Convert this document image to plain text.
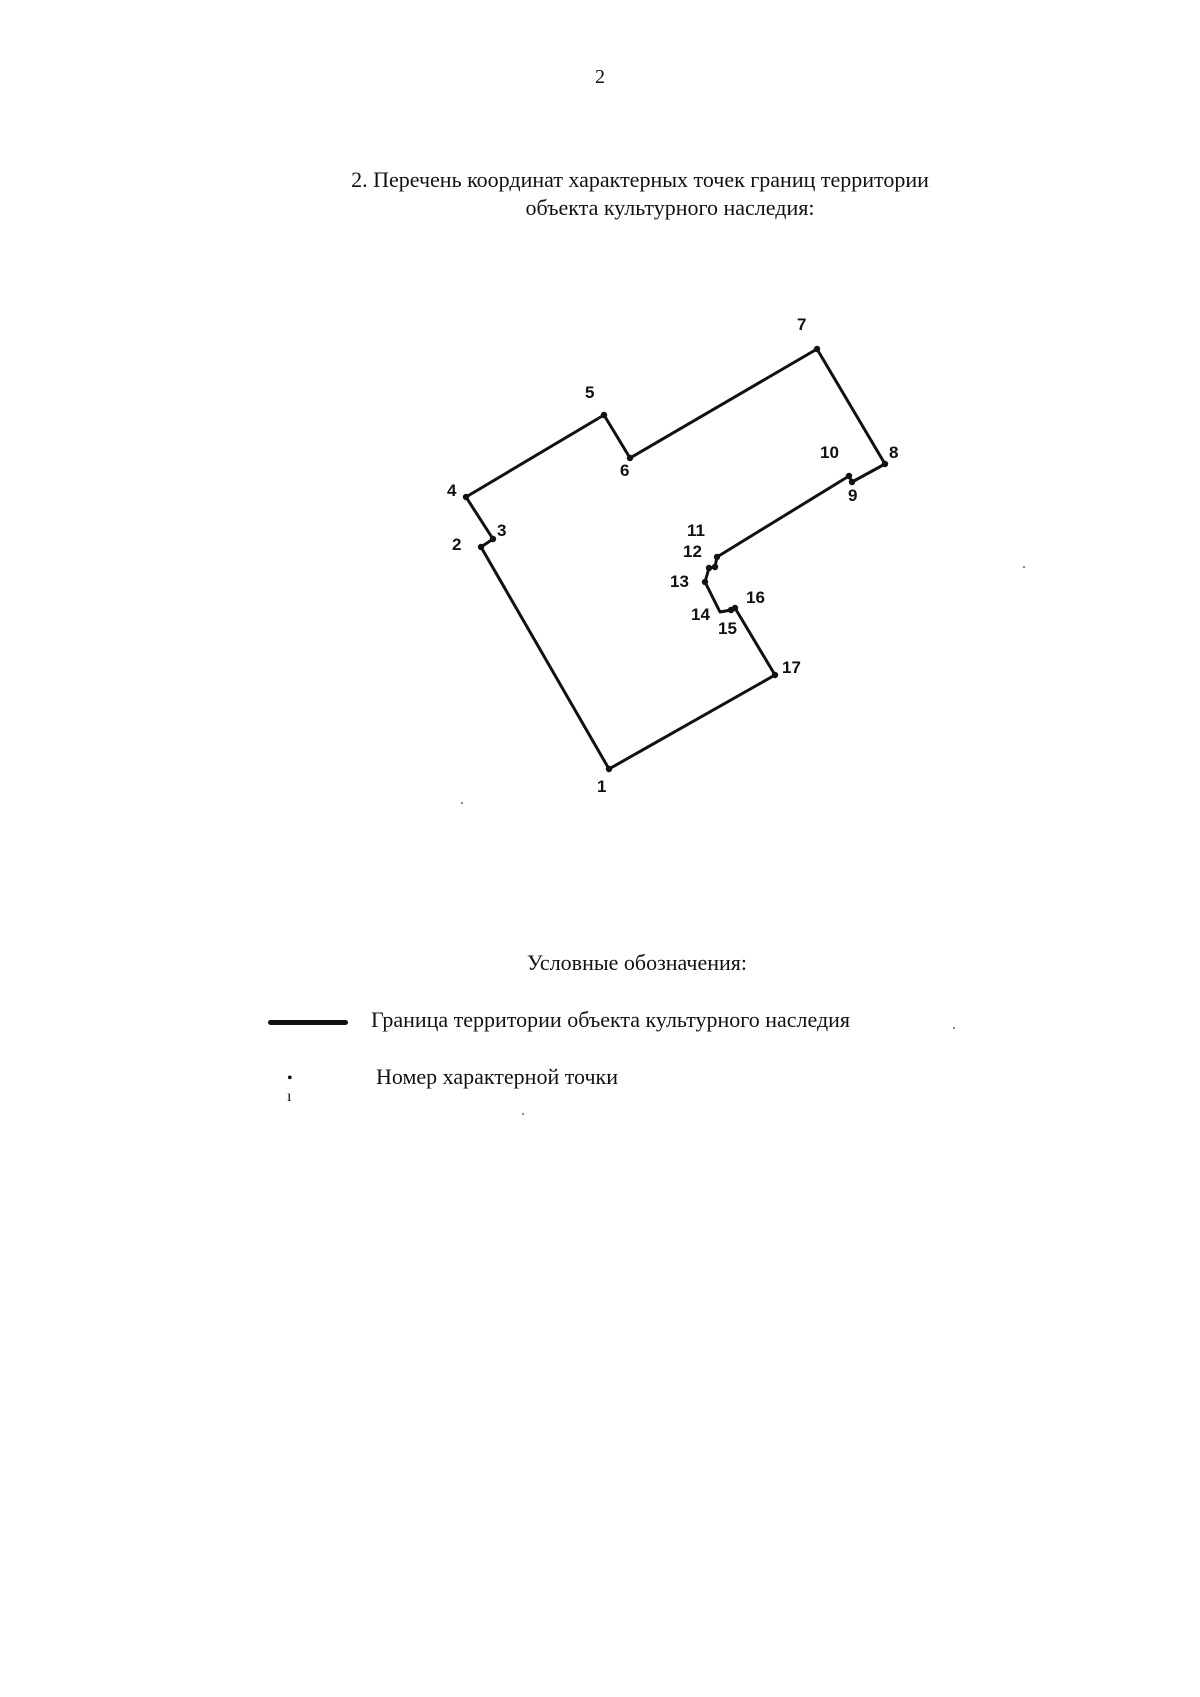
2
2. Перечень координат характерных точек границ территории
объекта культурного наследия:
1
2
3
4
5
6
7
8
9
10
11
12
13
14
15
16
17
Условные обозначения:
Граница территории объекта культурного наследия
• ı
Номер характерной точки
